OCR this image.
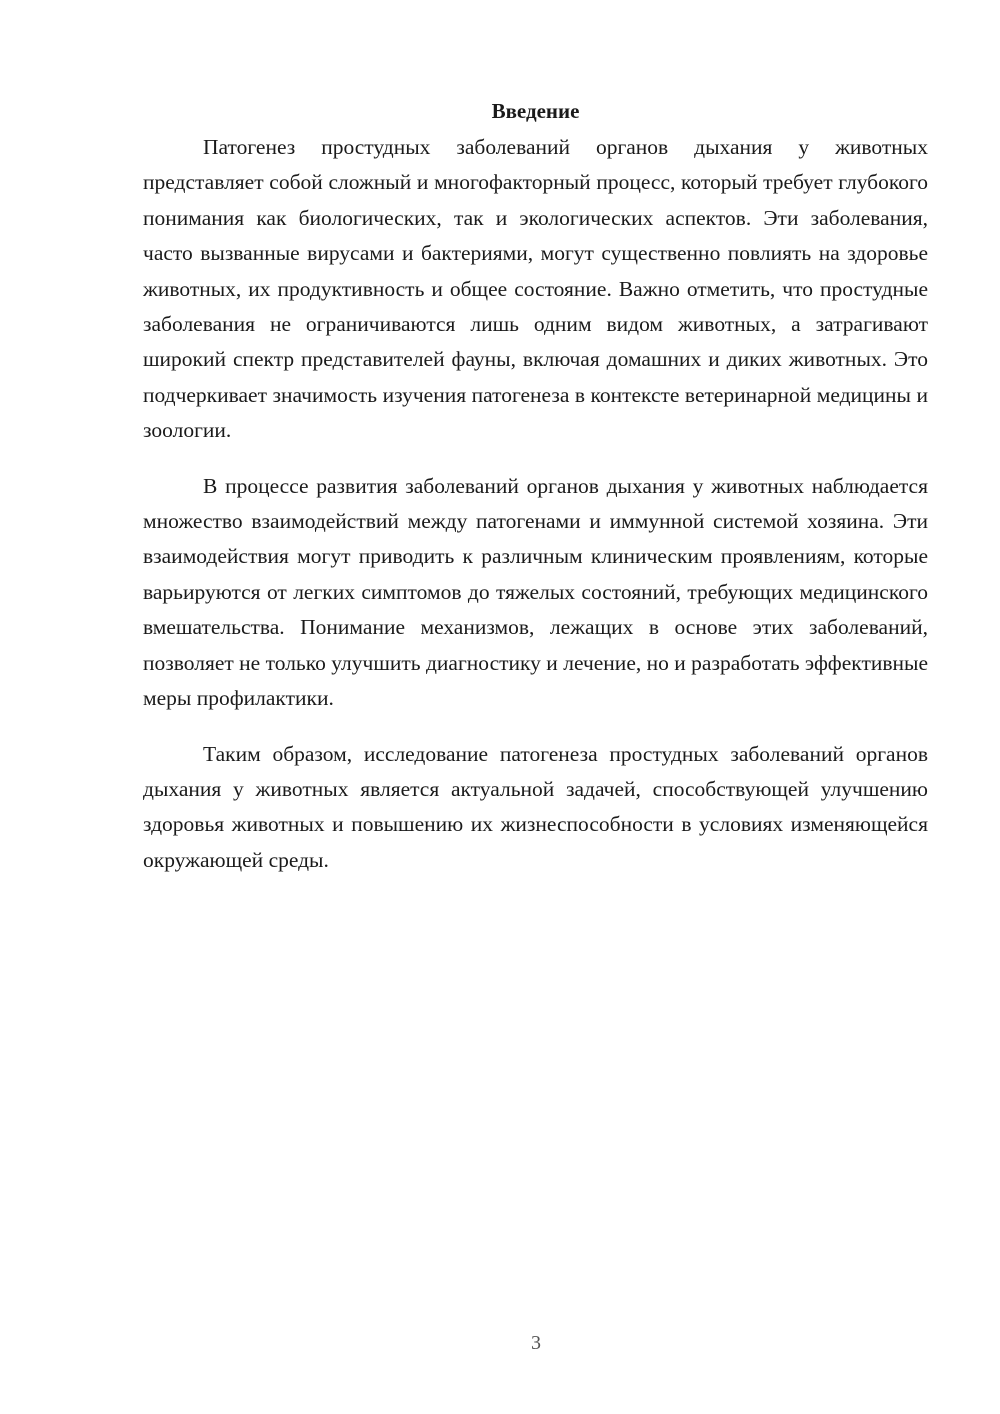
Введение

Патогенез простудных заболеваний органов дыхания у животных представляет собой сложный и многофакторный процесс, который требует глубокого понимания как биологических, так и экологических аспектов. Эти заболевания, часто вызванные вирусами и бактериями, могут существенно повлиять на здоровье животных, их продуктивность и общее состояние. Важно отметить, что простудные заболевания не ограничиваются лишь одним видом животных, а затрагивают широкий спектр представителей фауны, включая домашних и диких животных. Это подчеркивает значимость изучения патогенеза в контексте ветеринарной медицины и зоологии.

В процессе развития заболеваний органов дыхания у животных наблюдается множество взаимодействий между патогенами и иммунной системой хозяина. Эти взаимодействия могут приводить к различным клиническим проявлениям, которые варьируются от легких симптомов до тяжелых состояний, требующих медицинского вмешательства. Понимание механизмов, лежащих в основе этих заболеваний, позволяет не только улучшить диагностику и лечение, но и разработать эффективные меры профилактики.

Таким образом, исследование патогенеза простудных заболеваний органов дыхания у животных является актуальной задачей, способствующей улучшению здоровья животных и повышению их жизнеспособности в условиях изменяющейся окружающей среды.

3
